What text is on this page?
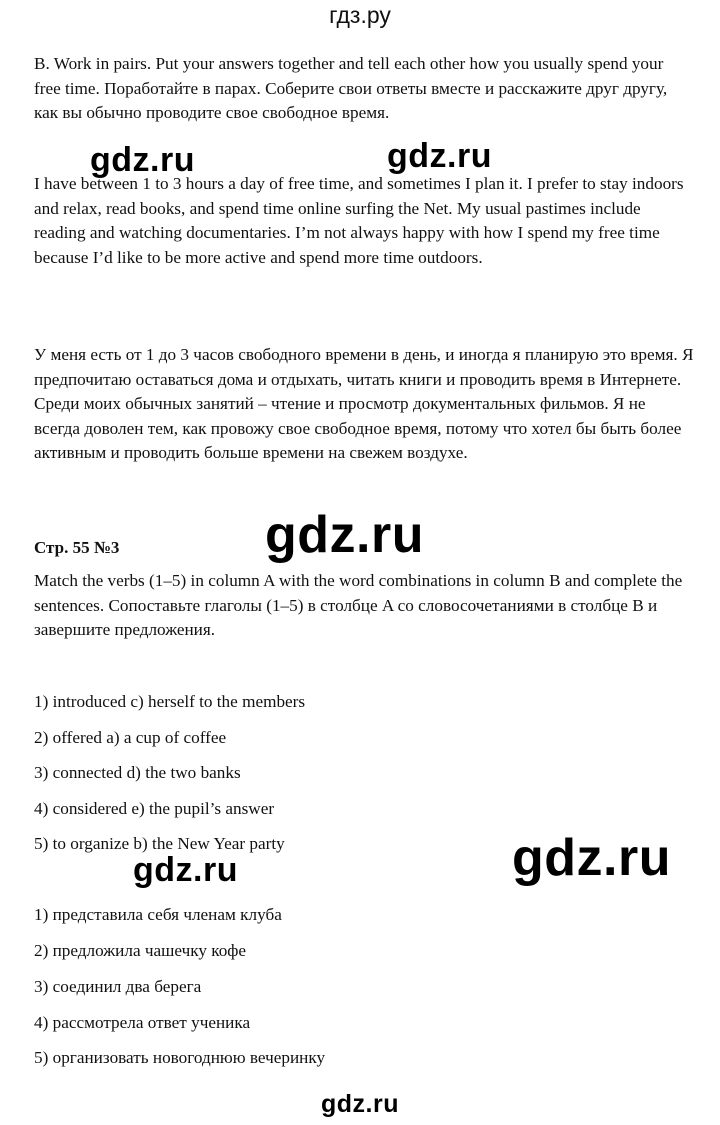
гдз.ру

B. Work in pairs. Put your answers together and tell each other how you usually spend your free time. Поработайте в парах. Соберите свои ответы вместе и расскажите друг другу, как вы обычно проводите свое свободное время.

gdz.ru	gdz.ru

I have between 1 to 3 hours a day of free time, and sometimes I plan it. I prefer to stay indoors and relax, read books, and spend time online surfing the Net. My usual pastimes include reading and watching documentaries. I’m not always happy with how I spend my free time because I’d like to be more active and spend more time outdoors.

У меня есть от 1 до 3 часов свободного времени в день, и иногда я планирую это время. Я предпочитаю оставаться дома и отдыхать, читать книги и проводить время в Интернете. Среди моих обычных занятий – чтение и просмотр документальных фильмов. Я не всегда доволен тем, как провожу свое свободное время, потому что хотел бы быть более активным и проводить больше времени на свежем воздухе.

Стр. 55 №3	gdz.ru

Match the verbs (1–5) in column A with the word combinations in column B and complete the sentences. Сопоставьте глаголы (1–5) в столбце A со словосочетаниями в столбце B и завершите предложения.

1) introduced c) herself to the members
2) offered a) a cup of coffee
3) connected d) the two banks
4) considered e) the pupil’s answer
5) to organize b) the New Year party
gdz.ru	gdz.ru
1) представила себя членам клуба
2) предложила чашечку кофе
3) соединил два берега
4) рассмотрела ответ ученика
5) организовать новогоднюю вечеринку
gdz.ru
